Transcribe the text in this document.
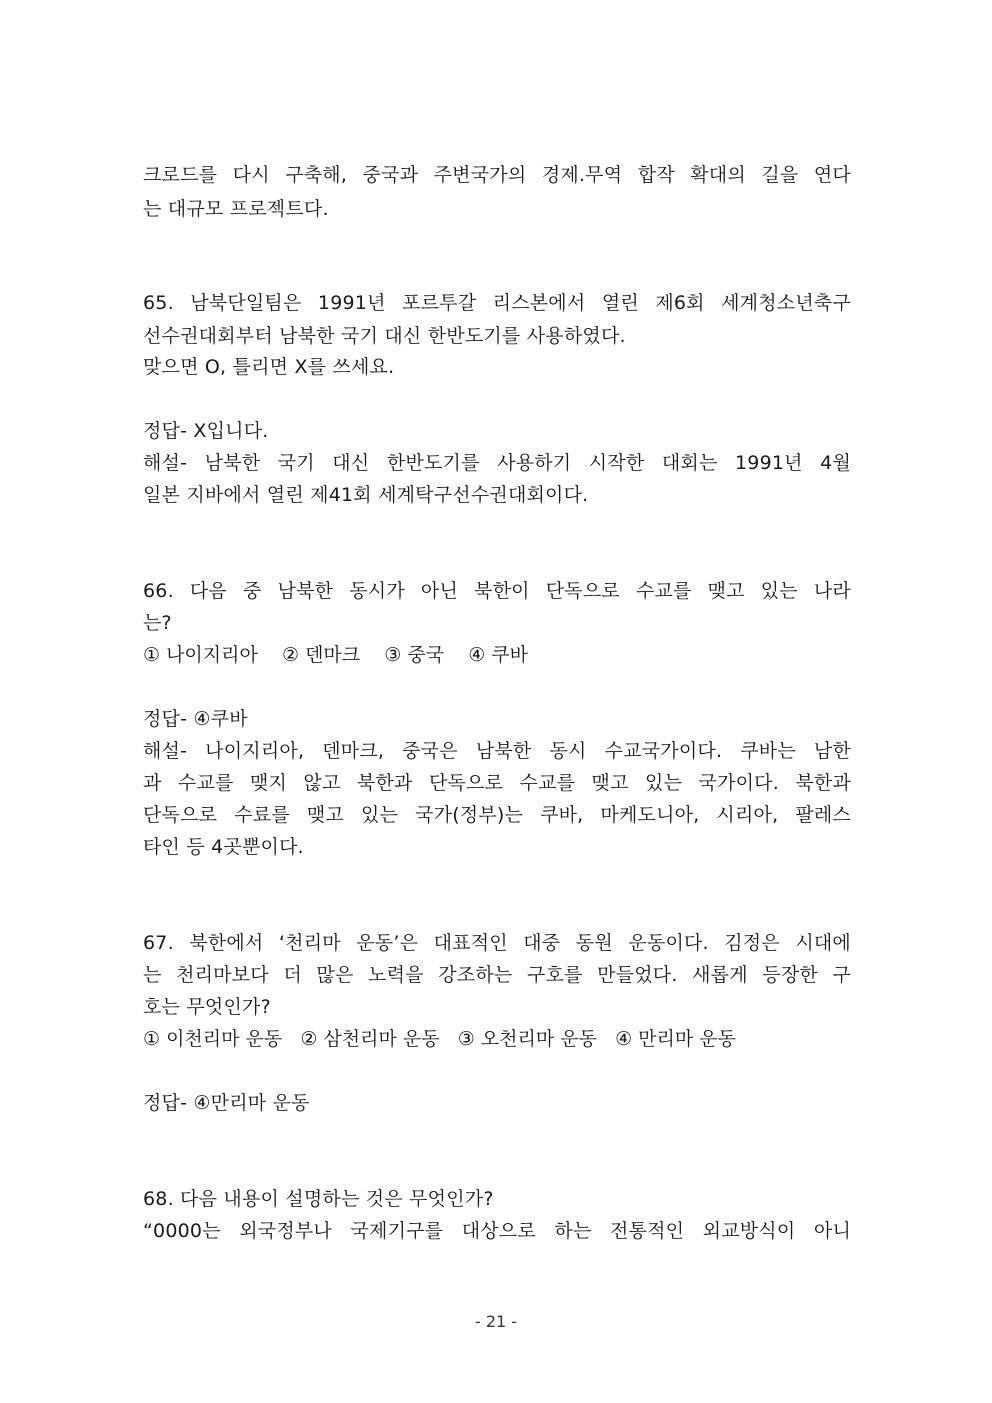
크로드를 다시 구축해, 중국과 주변국가의 경제.무역 합작 확대의 길을 연다
는 대규모 프로젝트다.
65. 남북단일팀은 1991년 포르투갈 리스본에서 열린 제6회 세계청소년축구
선수권대회부터 남북한 국기 대신 한반도기를 사용하였다.
맞으면 O, 틀리면 X를 쓰세요.
정답- X입니다.
해설- 남북한 국기 대신 한반도기를 사용하기 시작한 대회는 1991년 4월
일본 지바에서 열린 제41회 세계탁구선수권대회이다.
66. 다음 중 남북한 동시가 아닌 북한이 단독으로 수교를 맺고 있는 나라
는?
① 나이지리아    ② 덴마크    ③ 중국    ④ 쿠바
정답- ④쿠바
해설- 나이지리아, 덴마크, 중국은 남북한 동시 수교국가이다. 쿠바는 남한
과 수교를 맺지 않고 북한과 단독으로 수교를 맺고 있는 국가이다. 북한과
단독으로 수료를 맺고 있는 국가(정부)는 쿠바, 마케도니아, 시리아, 팔레스
타인 등 4곳뿐이다.
67. 북한에서 ‘천리마 운동’은 대표적인 대중 동원 운동이다. 김정은 시대에
는 천리마보다 더 많은 노력을 강조하는 구호를 만들었다. 새롭게 등장한 구
호는 무엇인가?
① 이천리마 운동   ② 삼천리마 운동   ③ 오천리마 운동   ④ 만리마 운동
정답- ④만리마 운동
68. 다음 내용이 설명하는 것은 무엇인가?
“0000는 외국정부나 국제기구를 대상으로 하는 전통적인 외교방식이 아니
- 21 -
